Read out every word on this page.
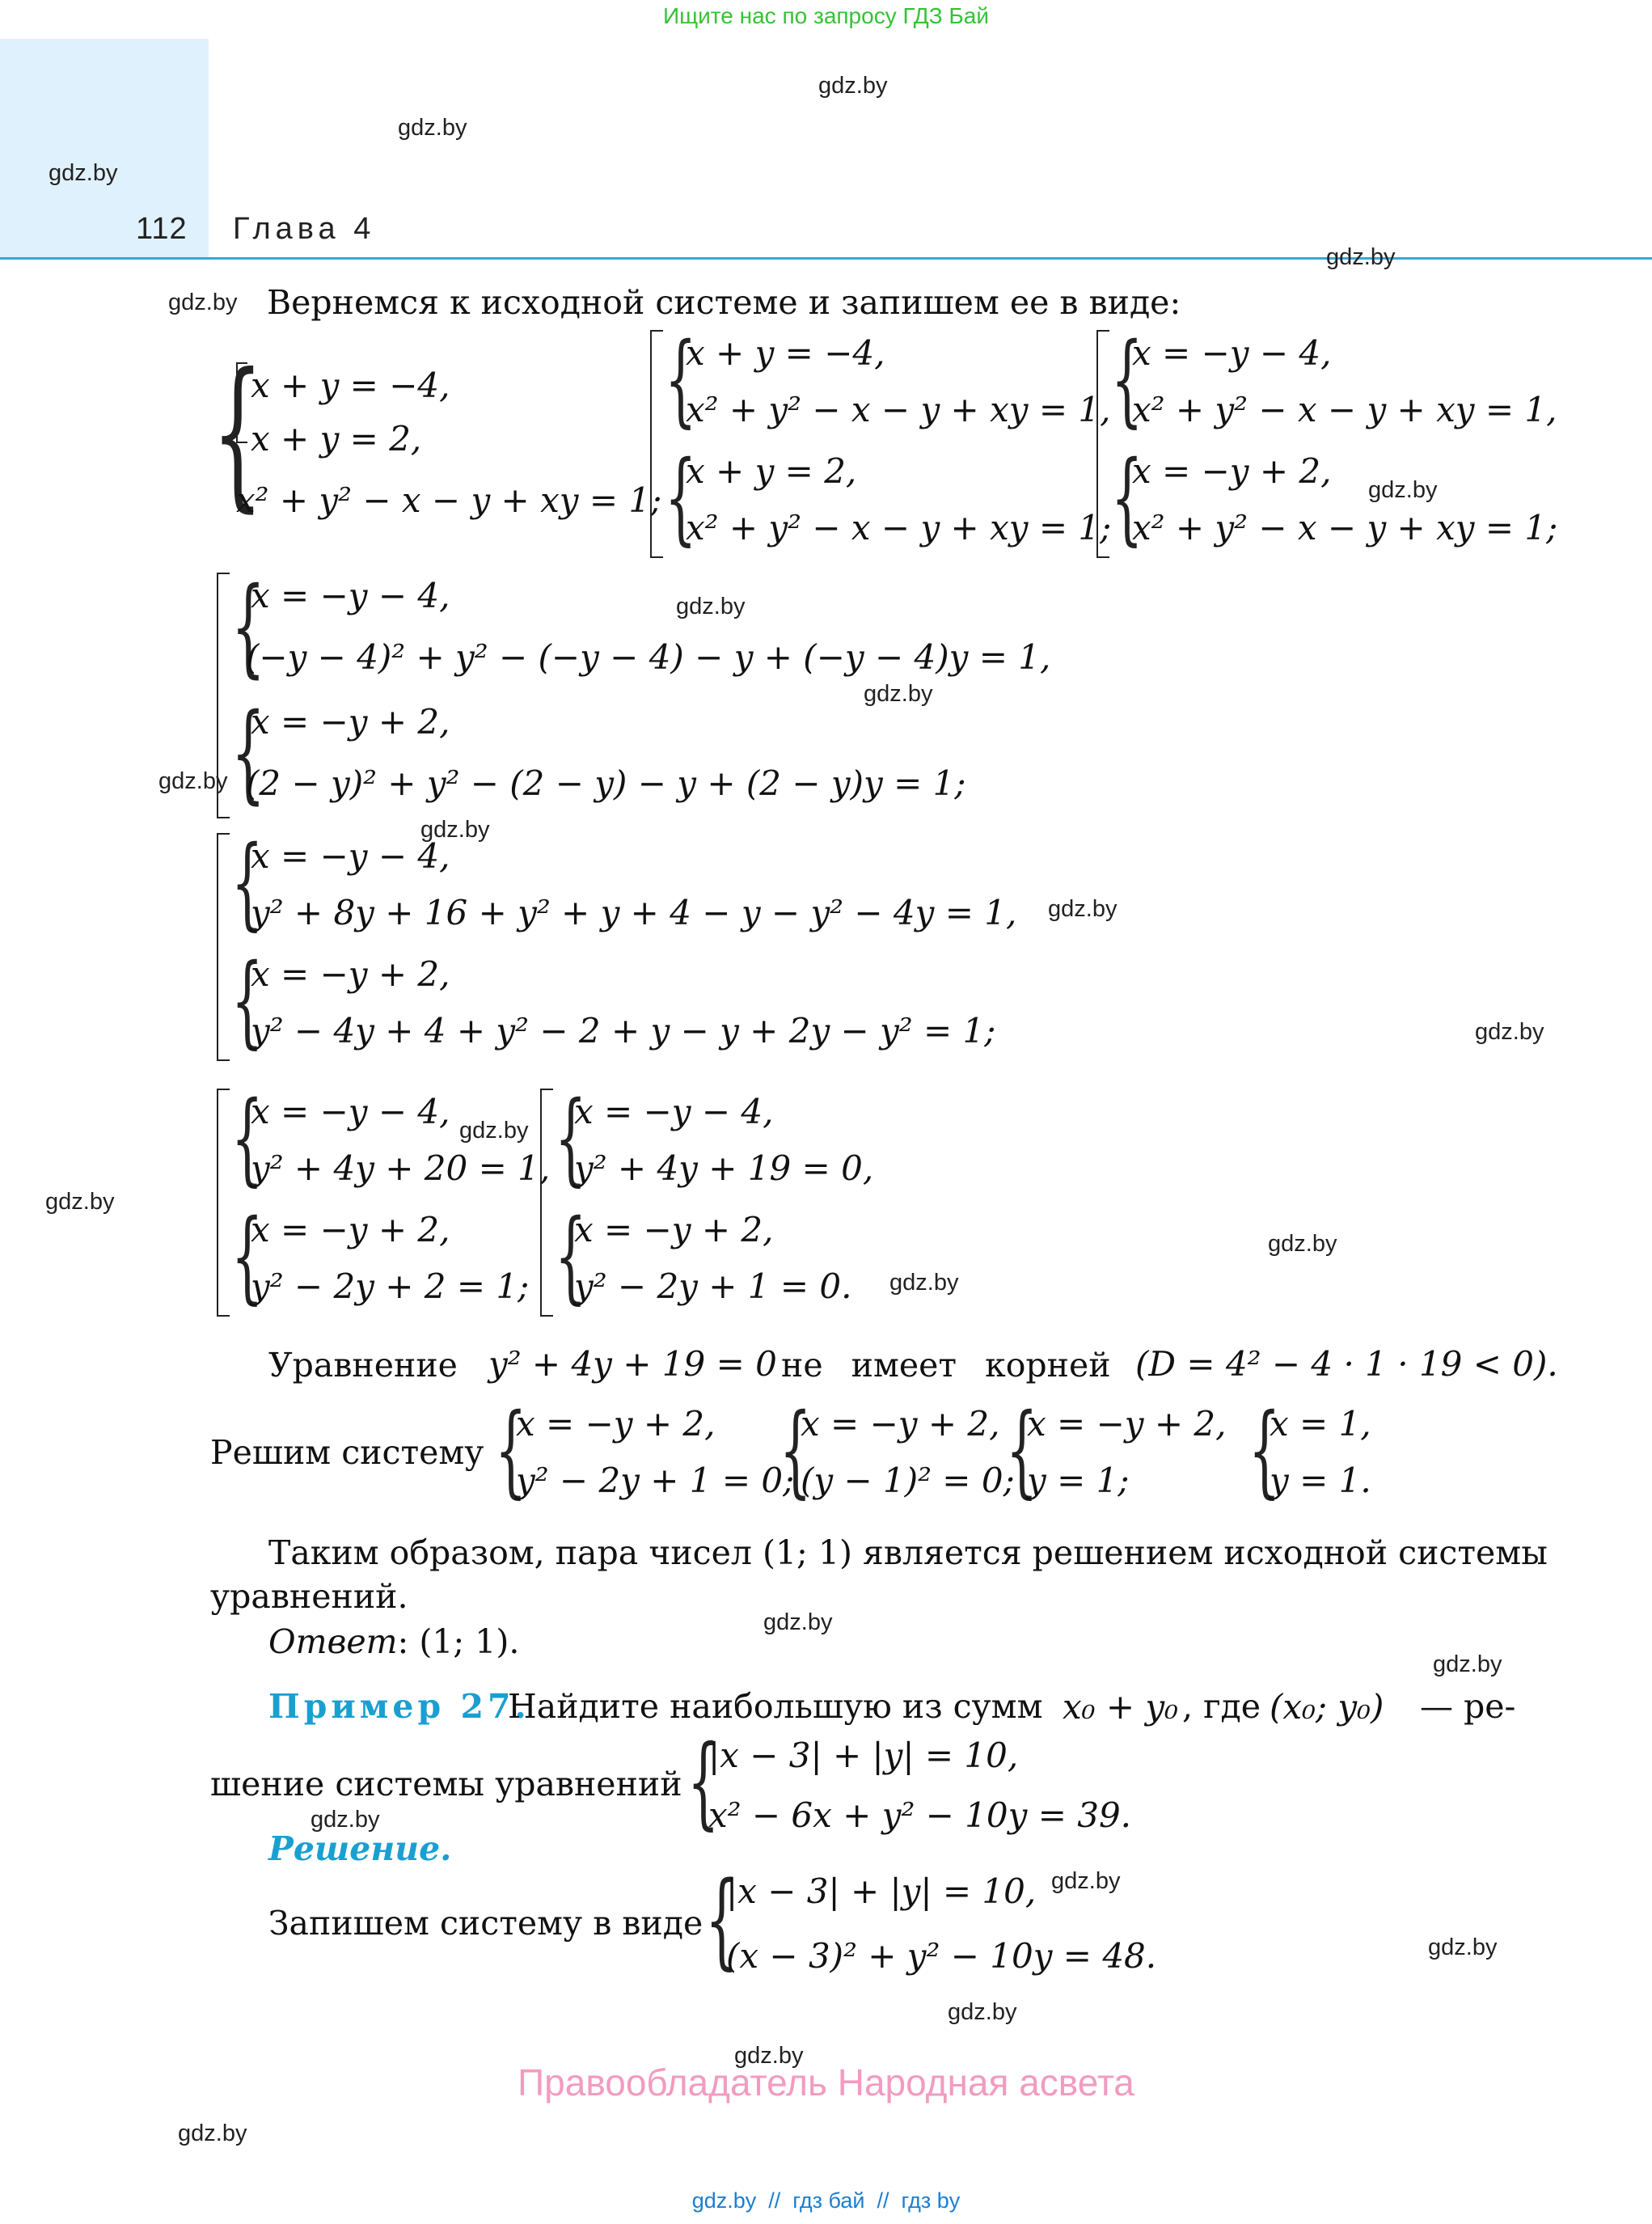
Ищите нас по запросу ГДЗ Бай
112 Глава 4
gdz.by
gdz.by
gdz.by
gdz.by
gdz.by
gdz.by
gdz.by
gdz.by
gdz.by
gdz.by
gdz.by
gdz.by
gdz.by
gdz.by
gdz.by
gdz.by
gdz.by
gdz.by
gdz.by
gdz.by
gdz.by
gdz.by
gdz.by
gdz.by
Вернемся к исходной системе и запишем ее в виде:
{
x + y = −4,
x + y = 2,
x² + y² − x − y + xy = 1;
{
x + y = −4,
x² + y² − x − y + xy = 1,
{
x + y = 2,
x² + y² − x − y + xy = 1;
{
x = −y − 4,
x² + y² − x − y + xy = 1,
{
x = −y + 2,
x² + y² − x − y + xy = 1;
{
x = −y − 4,
(−y − 4)² + y² − (−y − 4) − y + (−y − 4)y = 1,
{
x = −y + 2,
(2 − y)² + y² − (2 − y) − y + (2 − y)y = 1;
{
x = −y − 4,
y² + 8y + 16 + y² + y + 4 − y − y² − 4y = 1,
{
x = −y + 2,
y² − 4y + 4 + y² − 2 + y − y + 2y − y² = 1;
{
x = −y − 4,
y² + 4y + 20 = 1,
{
x = −y + 2,
y² − 2y + 2 = 1;
{
x = −y − 4,
y² + 4y + 19 = 0,
{
x = −y + 2,
y² − 2y + 1 = 0.
Уравнение y² + 4y + 19 = 0 не имеет корней (D = 4² − 4 · 1 · 19 < 0).
Решим систему {
x = −y + 2,
y² − 2y + 1 = 0;
{
x = −y + 2,
(y − 1)² = 0;
{
x = −y + 2,
y = 1; {
x = 1,
y = 1.
Таким образом, пара чисел (1; 1) является решением исходной системы
уравнений.
Ответ: (1; 1).
Пример 27.
Найдите наибольшую из сумм x₀ + y₀ , где (x₀; y₀) — ре-
шение системы уравнений {
|x − 3| + |y| = 10,
x² − 6x + y² − 10y = 39.
Решение.
Запишем систему в виде {
|x − 3| + |y| = 10,
(x − 3)² + y² − 10y = 48.
Правообладатель Народная асвета
gdz.by  //  гдз бай  //  гдз by
